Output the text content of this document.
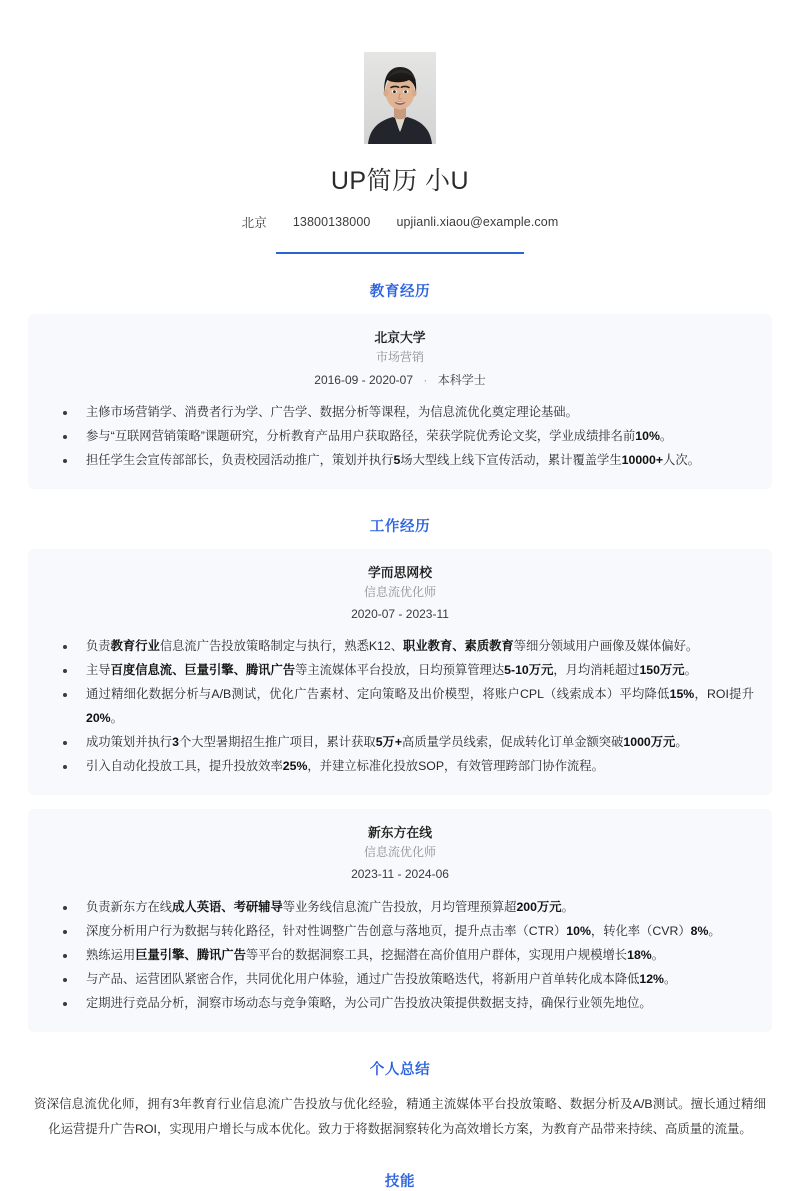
UP简历 小U
北京 13800138000 upjianli.xiaou@example.com
教育经历
北京大学
市场营销
2016-09 - 2020-07 · 本科学士
主修市场营销学、消费者行为学、广告学、数据分析等课程，为信息流优化奠定理论基础。
参与“互联网营销策略”课题研究，分析教育产品用户获取路径，荣获学院优秀论文奖，学业成绩排名前10%。
担任学生会宣传部部长，负责校园活动推广，策划并执行5场大型线上线下宣传活动，累计覆盖学生10000+人次。
工作经历
学而思网校
信息流优化师
2020-07 - 2023-11
负责教育行业信息流广告投放策略制定与执行，熟悉K12、职业教育、素质教育等细分领域用户画像及媒体偏好。
主导百度信息流、巨量引擎、腾讯广告等主流媒体平台投放，日均预算管理达5-10万元，月均消耗超过150万元。
通过精细化数据分析与A/B测试，优化广告素材、定向策略及出价模型，将账户CPL（线索成本）平均降低15%，ROI提升20%。
成功策划并执行3个大型暑期招生推广项目，累计获取5万+高质量学员线索，促成转化订单金额突破1000万元。
引入自动化投放工具，提升投放效率25%，并建立标准化投放SOP，有效管理跨部门协作流程。
新东方在线
信息流优化师
2023-11 - 2024-06
负责新东方在线成人英语、考研辅导等业务线信息流广告投放，月均管理预算超200万元。
深度分析用户行为数据与转化路径，针对性调整广告创意与落地页，提升点击率（CTR）10%，转化率（CVR）8%。
熟练运用巨量引擎、腾讯广告等平台的数据洞察工具，挖掘潜在高价值用户群体，实现用户规模增长18%。
与产品、运营团队紧密合作，共同优化用户体验，通过广告投放策略迭代，将新用户首单转化成本降低12%。
定期进行竞品分析，洞察市场动态与竞争策略，为公司广告投放决策提供数据支持，确保行业领先地位。
个人总结
资深信息流优化师，拥有3年教育行业信息流广告投放与优化经验，精通主流媒体平台投放策略、数据分析及A/B测试。擅长通过精细化运营提升广告ROI，实现用户增长与成本优化。致力于将数据洞察转化为高效增长方案，为教育产品带来持续、高质量的流量。
技能
